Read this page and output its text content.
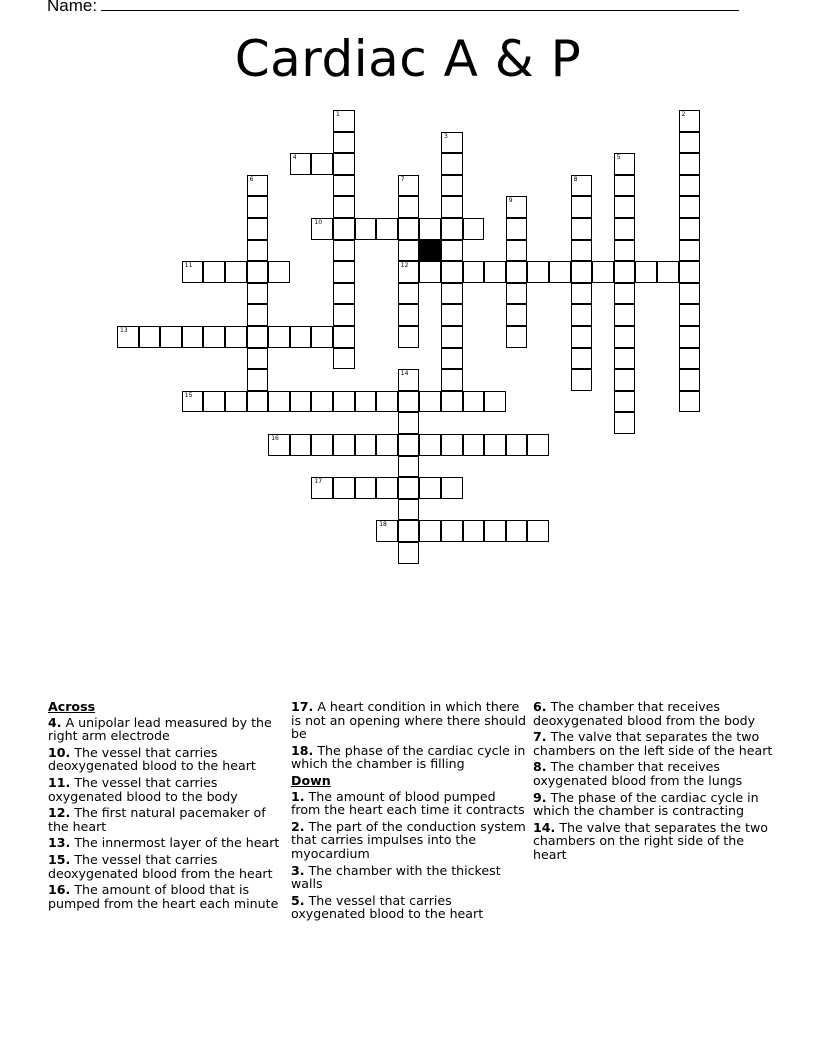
Name:
Cardiac A & P
1	2
3
4	5
6	7
12
8
9
10
11
13
14
15
16
17
18
Across
4. A unipolar lead measured by the right arm electrode
10. The vessel that carries deoxygenated blood to the heart
11. The vessel that carries oxygenated blood to the body
12. The first natural pacemaker of the heart
13. The innermost layer of the heart
15. The vessel that carries deoxygenated blood from the heart
16. The amount of blood that is pumped from the heart each minute
17. A heart condition in which there is not an opening where there should be
18. The phase of the cardiac cycle in which the chamber is filling
Down
1. The amount of blood pumped from the heart each time it contracts
2. The part of the conduction system that carries impulses into the myocardium
3. The chamber with the thickest walls
5. The vessel that carries oxygenated blood to the heart
6. The chamber that receives deoxygenated blood from the body
7. The valve that separates the two chambers on the left side of the heart
8. The chamber that receives oxygenated blood from the lungs
9. The phase of the cardiac cycle in which the chamber is contracting
14. The valve that separates the two chambers on the right side of the heart
